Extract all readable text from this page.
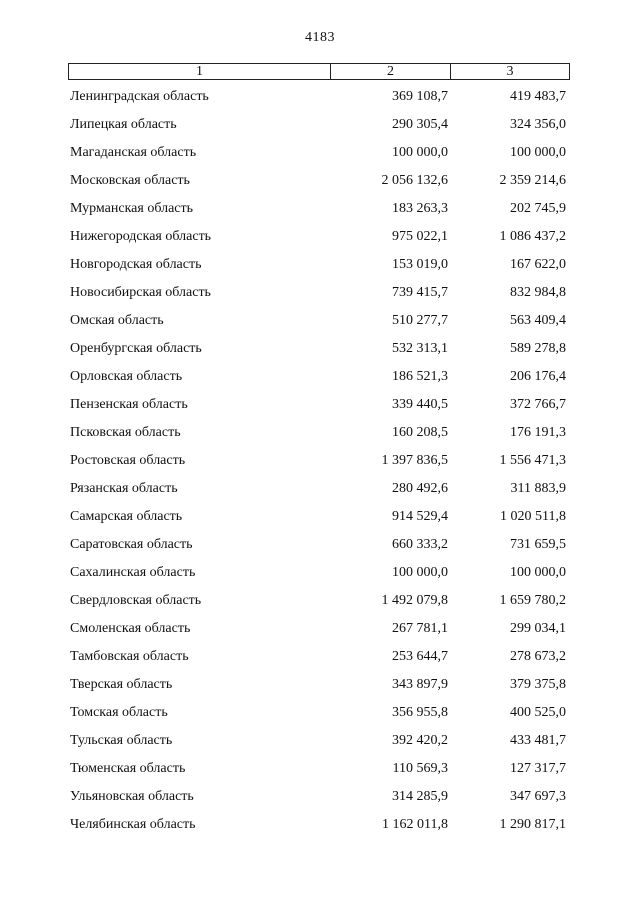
4183
1	2	3
Ленинградская область	369 108,7	419 483,7
Липецкая область	290 305,4	324 356,0
Магаданская область	100 000,0	100 000,0
Московская область	2 056 132,6	2 359 214,6
Мурманская область	183 263,3	202 745,9
Нижегородская область	975 022,1	1 086 437,2
Новгородская область	153 019,0	167 622,0
Новосибирская область	739 415,7	832 984,8
Омская область	510 277,7	563 409,4
Оренбургская область	532 313,1	589 278,8
Орловская область	186 521,3	206 176,4
Пензенская область	339 440,5	372 766,7
Псковская область	160 208,5	176 191,3
Ростовская область	1 397 836,5	1 556 471,3
Рязанская область	280 492,6	311 883,9
Самарская область	914 529,4	1 020 511,8
Саратовская область	660 333,2	731 659,5
Сахалинская область	100 000,0	100 000,0
Свердловская область	1 492 079,8	1 659 780,2
Смоленская область	267 781,1	299 034,1
Тамбовская область	253 644,7	278 673,2
Тверская область	343 897,9	379 375,8
Томская область	356 955,8	400 525,0
Тульская область	392 420,2	433 481,7
Тюменская область	110 569,3	127 317,7
Ульяновская область	314 285,9	347 697,3
Челябинская область	1 162 011,8	1 290 817,1
